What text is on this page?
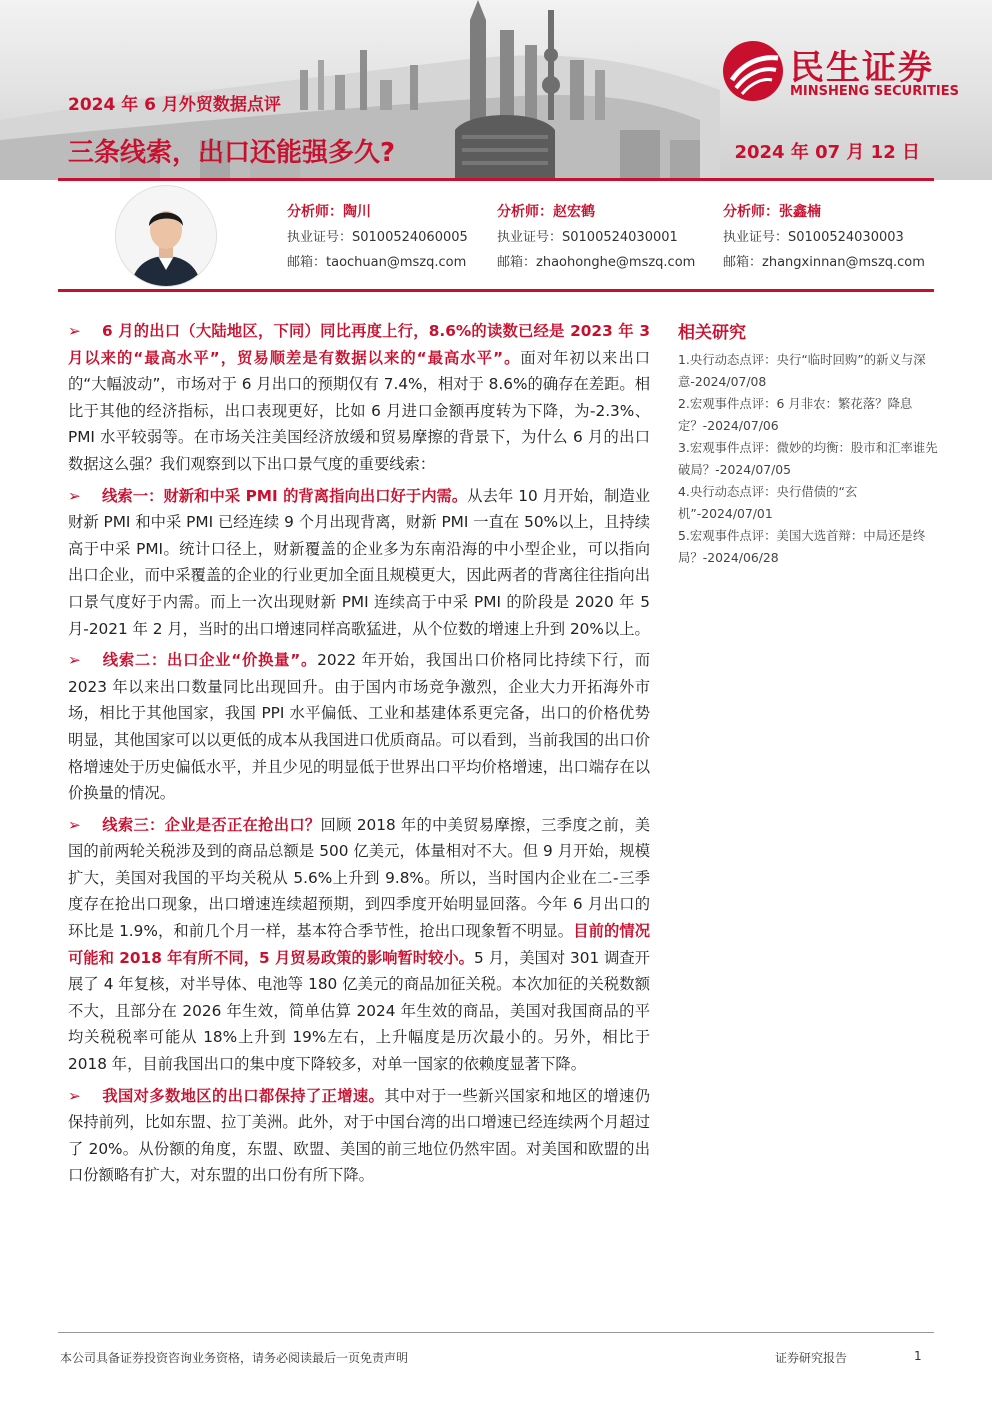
2024 年 6 月外贸数据点评
三条线索，出口还能强多久?	2024 年 07 月 12 日
民生证券
MINSHENG SECURITIES
分析师：陶川
执业证号：S0100524060005
邮箱：taochuan@mszq.com
分析师：赵宏鹤
执业证号：S0100524030001
邮箱：zhaohonghe@mszq.com
分析师：张鑫楠
执业证号：S0100524030003
邮箱：zhangxinnan@mszq.com

➢ 6 月的出口（大陆地区，下同）同比再度上行，8.6%的读数已经是 2023 年 3 月以来的“最高水平”，贸易顺差是有数据以来的“最高水平”。面对年初以来出口的“大幅波动”，市场对于 6 月出口的预期仅有 7.4%，相对于 8.6%的确存在差距。相比于其他的经济指标，出口表现更好，比如 6 月进口金额再度转为下降，为-2.3%、PMI 水平较弱等。在市场关注美国经济放缓和贸易摩擦的背景下，为什么 6 月的出口数据这么强？我们观察到以下出口景气度的重要线索：

➢ 线索一：财新和中采 PMI 的背离指向出口好于内需。从去年 10 月开始，制造业财新 PMI 和中采 PMI 已经连续 9 个月出现背离，财新 PMI 一直在 50%以上，且持续高于中采 PMI。统计口径上，财新覆盖的企业多为东南沿海的中小型企业，可以指向出口企业，而中采覆盖的企业的行业更加全面且规模更大，因此两者的背离往往指向出口景气度好于内需。而上一次出现财新 PMI 连续高于中采 PMI 的阶段是 2020 年 5 月-2021 年 2 月，当时的出口增速同样高歌猛进，从个位数的增速上升到 20%以上。

➢ 线索二：出口企业“价换量”。2022 年开始，我国出口价格同比持续下行，而 2023 年以来出口数量同比出现回升。由于国内市场竞争激烈，企业大力开拓海外市场，相比于其他国家，我国 PPI 水平偏低、工业和基建体系更完备，出口的价格优势明显，其他国家可以以更低的成本从我国进口优质商品。可以看到，当前我国的出口价格增速处于历史偏低水平，并且少见的明显低于世界出口平均价格增速，出口端存在以价换量的情况。

➢ 线索三：企业是否正在抢出口？回顾 2018 年的中美贸易摩擦，三季度之前，美国的前两轮关税涉及到的商品总额是 500 亿美元，体量相对不大。但 9 月开始，规模扩大，美国对我国的平均关税从 5.6%上升到 9.8%。所以，当时国内企业在二-三季度存在抢出口现象，出口增速连续超预期，到四季度开始明显回落。今年 6 月出口的环比是 1.9%，和前几个月一样，基本符合季节性，抢出口现象暂不明显。目前的情况可能和 2018 年有所不同，5 月贸易政策的影响暂时较小。5 月，美国对 301 调查开展了 4 年复核，对半导体、电池等 180 亿美元的商品加征关税。本次加征的关税数额不大，且部分在 2026 年生效，简单估算 2024 年生效的商品，美国对我国商品的平均关税税率可能从 18%上升到 19%左右，上升幅度是历次最小的。另外，相比于 2018 年，目前我国出口的集中度下降较多，对单一国家的依赖度显著下降。

➢ 我国对多数地区的出口都保持了正增速。其中对于一些新兴国家和地区的增速仍保持前列，比如东盟、拉丁美洲。此外，对于中国台湾的出口增速已经连续两个月超过了 20%。从份额的角度，东盟、欧盟、美国的前三地位仍然牢固。对美国和欧盟的出口份额略有扩大，对东盟的出口份有所下降。

相关研究
1.央行动态点评：央行“临时回购”的新义与深意-2024/07/08
2.宏观事件点评：6 月非农：繁花落？降息定？-2024/07/06
3.宏观事件点评：微妙的均衡：股市和汇率谁先破局？-2024/07/05
4.央行动态点评：央行借债的“玄机”-2024/07/01
5.宏观事件点评：美国大选首辩：中局还是终局？-2024/06/28
本公司具备证券投资咨询业务资格，请务必阅读最后一页免责声明	证券研究报告	1
